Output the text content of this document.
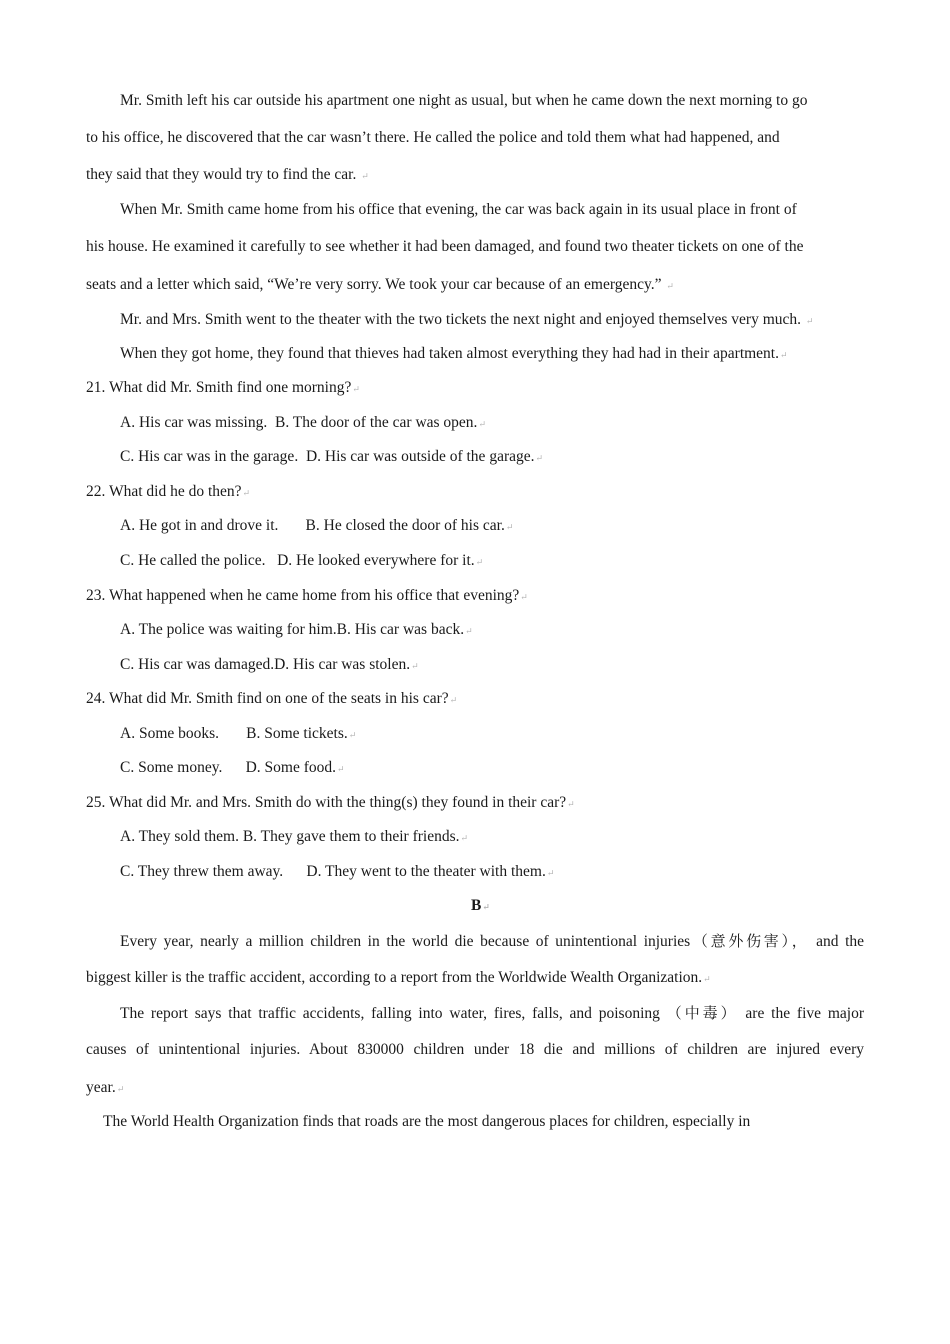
Mr. Smith left his car outside his apartment one night as usual, but when he came down the next morning to go
to his office, he discovered that the car wasn’t there. He called the police and told them what had happened, and
they said that they would try to find the car. ↵
When Mr. Smith came home from his office that evening, the car was back again in its usual place in front of
his house. He examined it carefully to see whether it had been damaged, and found two theater tickets on one of the
seats and a letter which said, “We’re very sorry. We took your car because of an emergency.” ↵
Mr. and Mrs. Smith went to the theater with the two tickets the next night and enjoyed themselves very much. ↵
When they got home, they found that thieves had taken almost everything they had had in their apartment.↵
21. What did Mr. Smith find one morning?↵
A. His car was missing.  B. The door of the car was open.↵
C. His car was in the garage.  D. His car was outside of the garage.↵
22. What did he do then?↵
A. He got in and drove it.       B. He closed the door of his car.↵
C. He called the police.   D. He looked everywhere for it.↵
23. What happened when he came home from his office that evening?↵
A. The police was waiting for him.B. His car was back.↵
C. His car was damaged.D. His car was stolen.↵
24. What did Mr. Smith find on one of the seats in his car?↵
A. Some books.       B. Some tickets.↵
C. Some money.      D. Some food.↵
25. What did Mr. and Mrs. Smith do with the thing(s) they found in their car?↵
A. They sold them. B. They gave them to their friends.↵
C. They threw them away.      D. They went to the theater with them.↵
B↵
Every year, nearly a million children in the world die because of unintentional injuries（意外伤害）， and the
biggest killer is the traffic accident, according to a report from the Worldwide Wealth Organization.↵
The report says that traffic accidents, falling into water, fires, falls, and poisoning （中毒） are the five major
causes of unintentional injuries. About 830000 children under 18 die and millions of children are injured every
year.↵
The World Health Organization finds that roads are the most dangerous places for children, especially in
